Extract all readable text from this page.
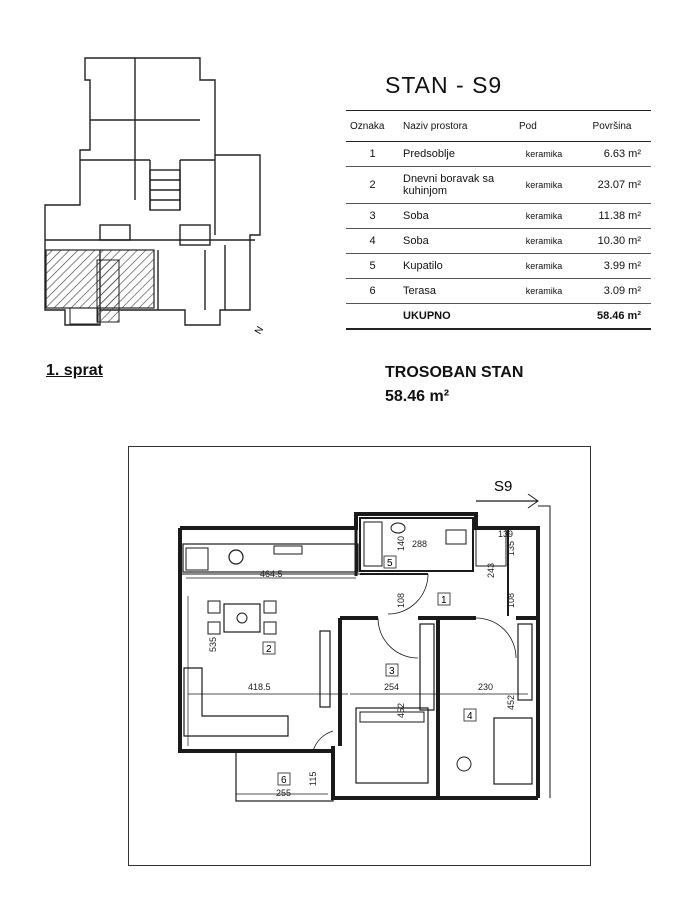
N
STAN - S9
Oznaka	Naziv prostora	Pod	Površina
1	Predsoblje	keramika	6.63 m²
2	Dnevni boravak sa kuhinjom	keramika	23.07 m²
3	Soba	keramika	11.38 m²
4	Soba	keramika	10.30 m²
5	Kupatilo	keramika	3.99 m²
6	Terasa	keramika	3.09 m²
	UKUPNO		58.46 m²
1. sprat	TROSOBAN STAN
58.46 m²
S9
1
2
3
4
5
6
464.5
535
418.5
140 288
139
135
243
108	108
254
452
230
452
115
255
